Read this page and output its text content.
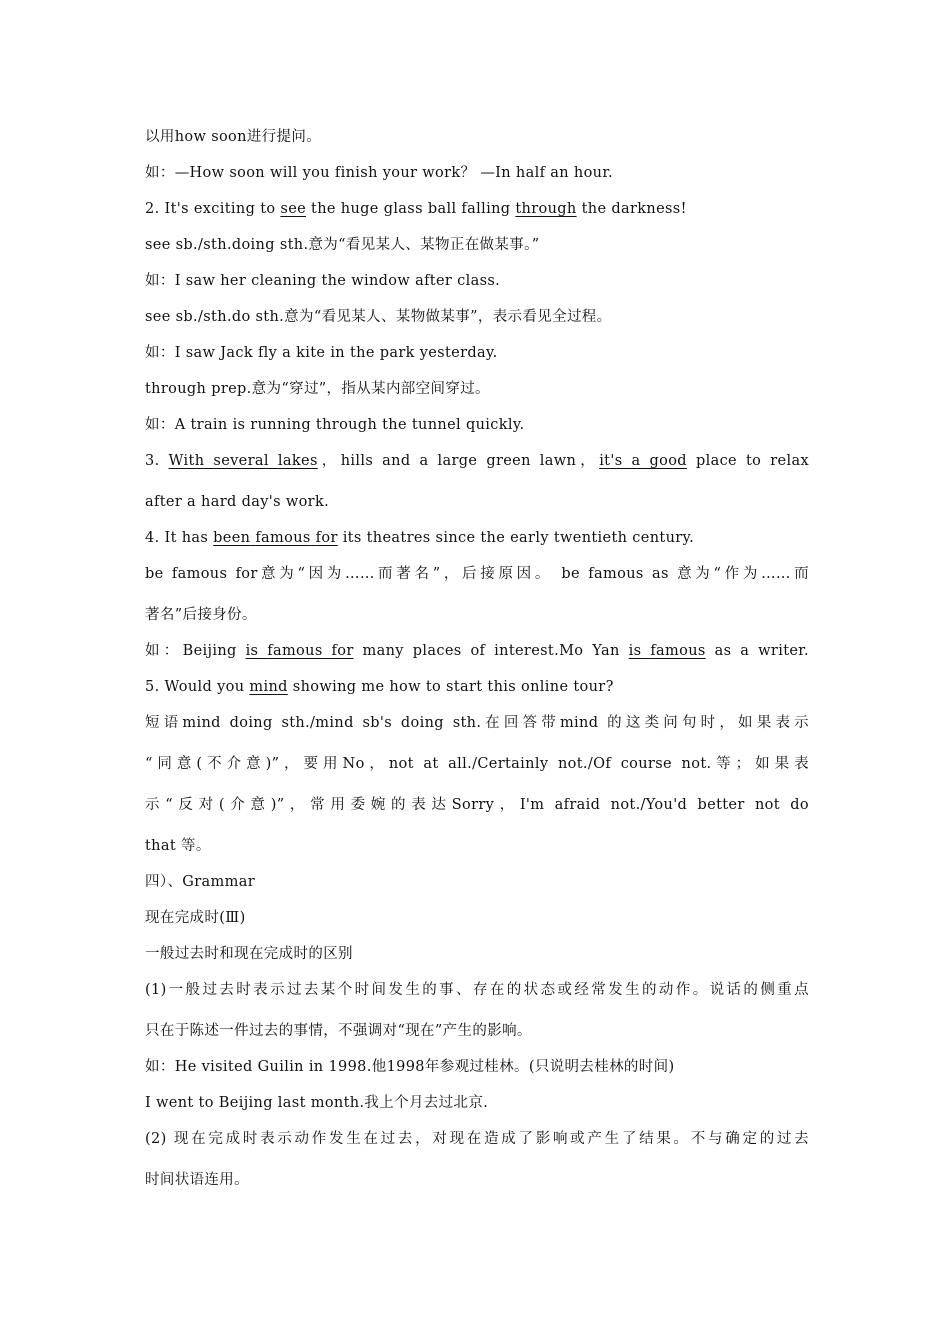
以用how soon进行提问。
如：—How soon will you finish your work？ —In half an hour.
2. It's exciting to see the huge glass ball falling through the darkness!
see sb./sth.doing sth.意为“看见某人、某物正在做某事。”
如：I saw her cleaning the window after class.
see sb./sth.do sth.意为“看见某人、某物做某事”，表示看见全过程。
如：I saw Jack fly a kite in the park yesterday.
through prep.意为“穿过”，指从某内部空间穿过。
如：A train is running through the tunnel quickly.
3. With several lakes，hills and a large green lawn，it's a good place to relax
after a hard day's work.
4. It has been famous for its theatres since the early twentieth century.
be famous for意为“因为……而著名”，后接原因。 be famous as 意为“作为……而
著名”后接身份。
如：Beijing is famous for many places of interest.Mo Yan is famous as a writer.
5. Would you mind showing me how to start this online tour?
短语mind doing sth./mind sb's doing sth.在回答带mind 的这类问句时，如果表示
“同意(不介意)”，要用No，not at all./Certainly not./Of course not.等；如果表
示“反对(介意)”，常用委婉的表达Sorry，I'm afraid not./You'd better not do
that 等。
四）、Grammar
现在完成时(Ⅲ)
一般过去时和现在完成时的区别
(1)一般过去时表示过去某个时间发生的事、存在的状态或经常发生的动作。说话的侧重点
只在于陈述一件过去的事情，不强调对“现在”产生的影响。
如：He visited Guilin in 1998.他1998年参观过桂林。(只说明去桂林的时间)
I went to Beijing last month.我上个月去过北京.
(2) 现在完成时表示动作发生在过去，对现在造成了影响或产生了结果。不与确定的过去
时间状语连用。
